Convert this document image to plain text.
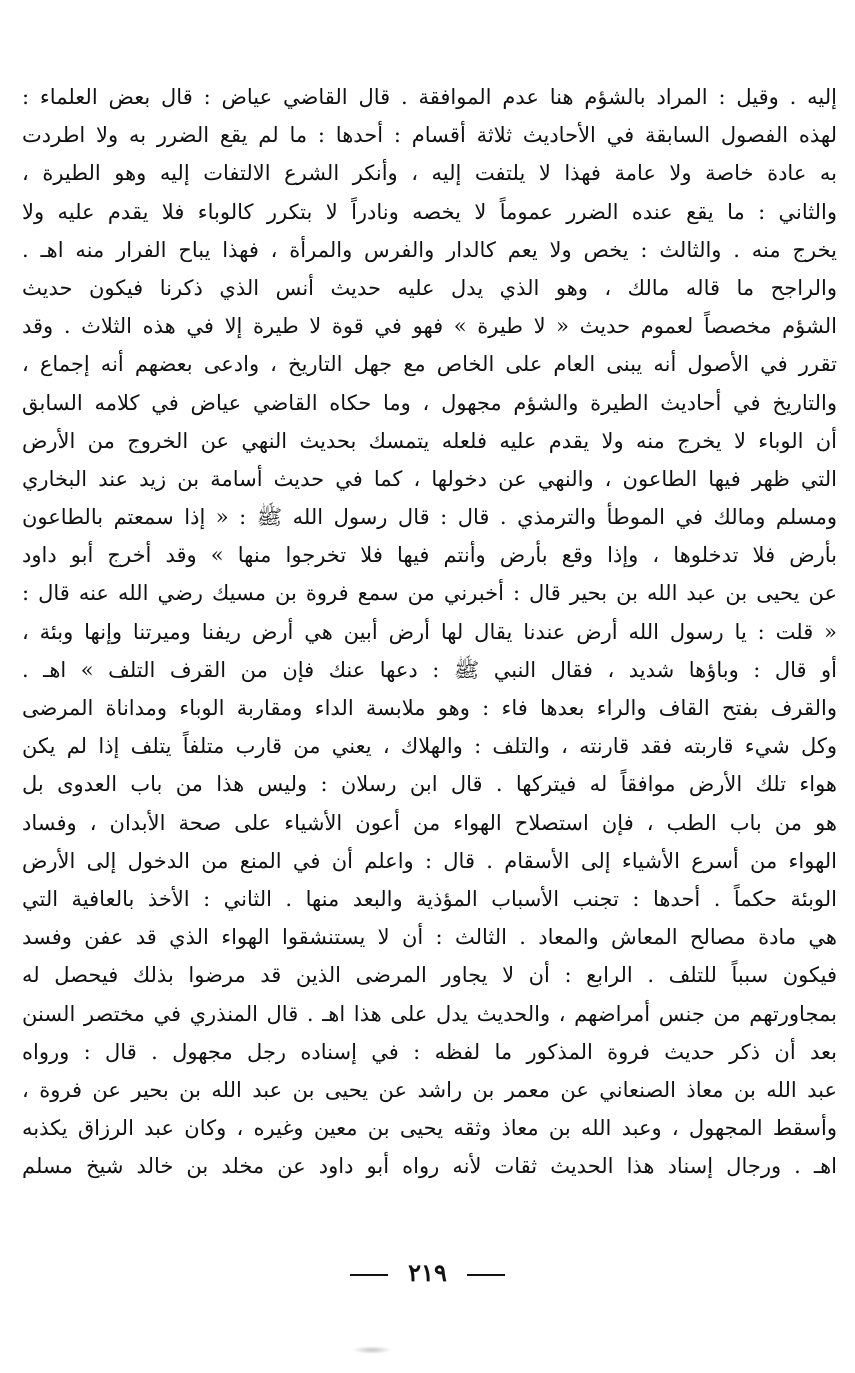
إليه . وقيل : المراد بالشؤم هنا عدم الموافقة . قال القاضي عياض : قال بعض العلماء :
لهذه الفصول السابقة في الأحاديث ثلاثة أقسام : أحدها : ما لم يقع الضرر به ولا اطردت
به عادة خاصة ولا عامة فهذا لا يلتفت إليه ، وأنكر الشرع الالتفات إليه وهو الطيرة ،
والثاني : ما يقع عنده الضرر عموماً لا يخصه ونادراً لا بتكرر كالوباء فلا يقدم عليه ولا
يخرج منه . والثالث : يخص ولا يعم كالدار والفرس والمرأة ، فهذا يباح الفرار منه اهـ .
والراجح ما قاله مالك ، وهو الذي يدل عليه حديث أنس الذي ذكرنا فيكون حديث
الشؤم مخصصاً لعموم حديث « لا طيرة » فهو في قوة لا طيرة إلا في هذه الثلاث . وقد
تقرر في الأصول أنه يبنى العام على الخاص مع جهل التاريخ ، وادعى بعضهم أنه إجماع ،
والتاريخ في أحاديث الطيرة والشؤم مجهول ، وما حكاه القاضي عياض في كلامه السابق
أن الوباء لا يخرج منه ولا يقدم عليه فلعله يتمسك بحديث النهي عن الخروج من الأرض
التي ظهر فيها الطاعون ، والنهي عن دخولها ، كما في حديث أسامة بن زيد عند البخاري
ومسلم ومالك في الموطأ والترمذي . قال : قال رسول الله ﷺ : « إذا سمعتم بالطاعون
بأرض فلا تدخلوها ، وإذا وقع بأرض وأنتم فيها فلا تخرجوا منها » وقد أخرج أبو داود
عن يحيى بن عبد الله بن بحير قال : أخبرني من سمع فروة بن مسيك رضي الله عنه قال :
« قلت : يا رسول الله أرض عندنا يقال لها أرض أبين هي أرض ريفنا وميرتنا وإنها وبئة ،
أو قال : وباؤها شديد ، فقال النبي ﷺ : دعها عنك فإن من القرف التلف » اهـ .
والقرف بفتح القاف والراء بعدها فاء : وهو ملابسة الداء ومقاربة الوباء ومداناة المرضى
وكل شيء قاربته فقد قارنته ، والتلف : والهلاك ، يعني من قارب متلفاً يتلف إذا لم يكن
هواء تلك الأرض موافقاً له فيتركها . قال ابن رسلان : وليس هذا من باب العدوى بل
هو من باب الطب ، فإن استصلاح الهواء من أعون الأشياء على صحة الأبدان ، وفساد
الهواء من أسرع الأشياء إلى الأسقام . قال : واعلم أن في المنع من الدخول إلى الأرض
الوبئة حكماً . أحدها : تجنب الأسباب المؤذية والبعد منها . الثاني : الأخذ بالعافية التي
هي مادة مصالح المعاش والمعاد . الثالث : أن لا يستنشقوا الهواء الذي قد عفن وفسد
فيكون سبباً للتلف . الرابع : أن لا يجاور المرضى الذين قد مرضوا بذلك فيحصل له
بمجاورتهم من جنس أمراضهم ، والحديث يدل على هذا اهـ . قال المنذري في مختصر السنن
بعد أن ذكر حديث فروة المذكور ما لفظه : في إسناده رجل مجهول . قال : ورواه
عبد الله بن معاذ الصنعاني عن معمر بن راشد عن يحيى بن عبد الله بن بحير عن فروة ،
وأسقط المجهول ، وعبد الله بن معاذ وثقه يحيى بن معين وغيره ، وكان عبد الرزاق يكذبه
اهـ . ورجال إسناد هذا الحديث ثقات لأنه رواه أبو داود عن مخلد بن خالد شيخ مسلم
٢١٩
